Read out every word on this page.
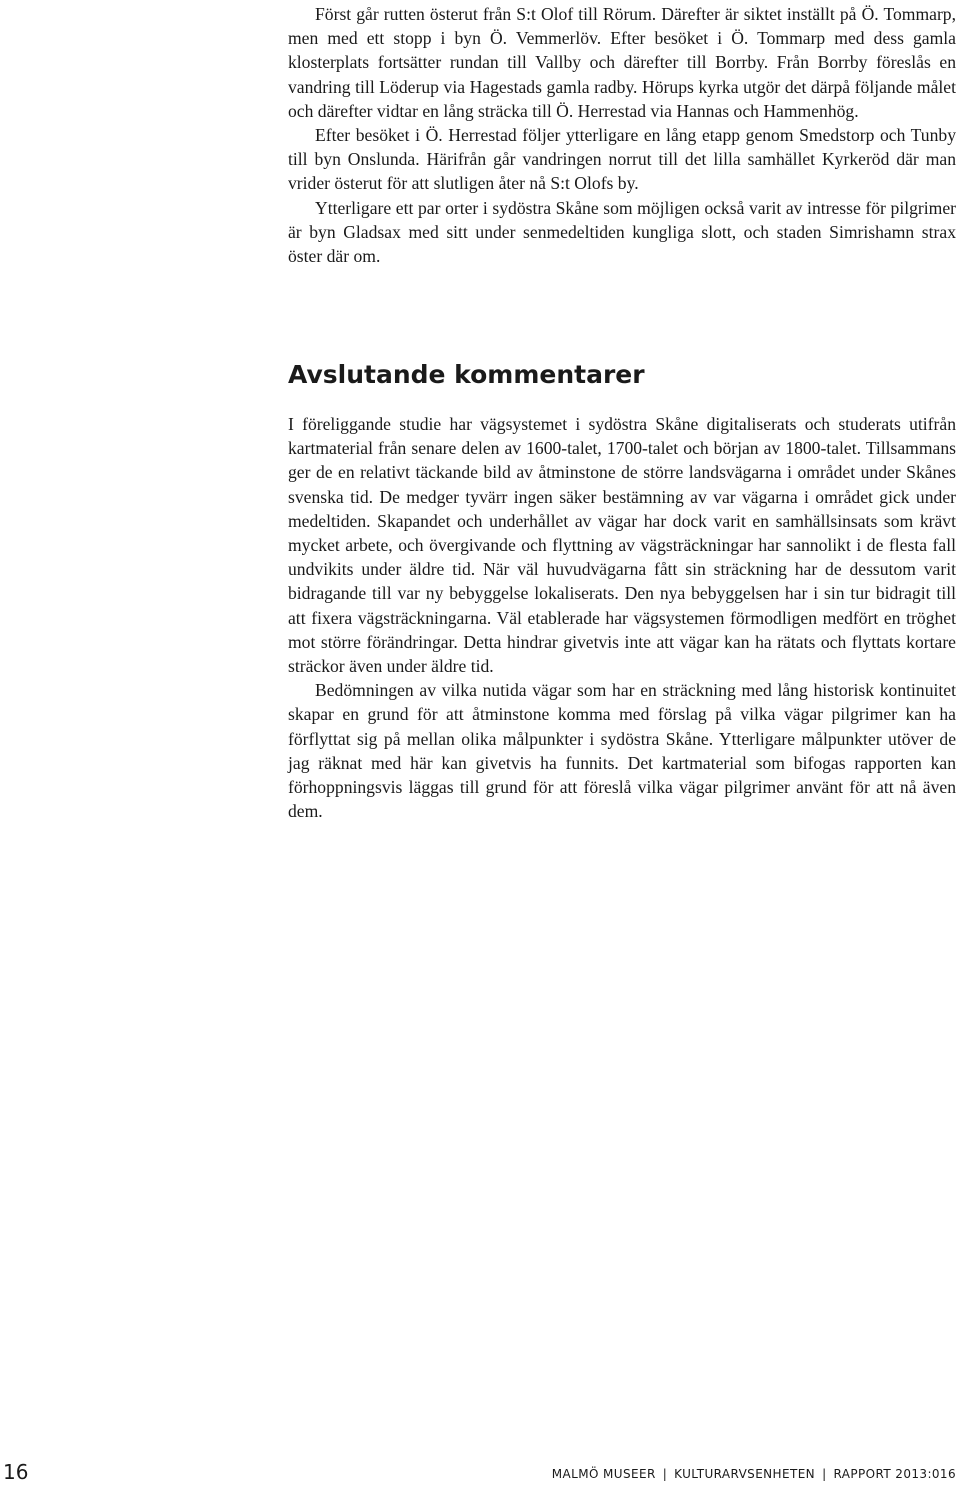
Först går rutten österut från S:t Olof till Rörum. Därefter är siktet inställt på Ö. Tommarp, men med ett stopp i byn Ö. Vemmerlöv. Efter besöket i Ö. Tommarp med dess gamla klosterplats fortsätter rundan till Vallby och därefter till Borrby. Från Borrby föreslås en vandring till Löderup via Hagestads gamla radby. Hörups kyrka utgör det därpå följande målet och därefter vidtar en lång sträcka till Ö. Herrestad via Hannas och Hammenhög.

Efter besöket i Ö. Herrestad följer ytterligare en lång etapp genom Smedstorp och Tunby till byn Onslunda. Härifrån går vandringen norrut till det lilla samhället Kyrkeröd där man vrider österut för att slutligen åter nå S:t Olofs by.

Ytterligare ett par orter i sydöstra Skåne som möjligen också varit av intresse för pilgrimer är byn Gladsax med sitt under senmedeltiden kungliga slott, och staden Simrishamn strax öster där om.

Avslutande kommentarer

I föreliggande studie har vägsystemet i sydöstra Skåne digitaliserats och studerats utifrån kartmaterial från senare delen av 1600-talet, 1700-talet och början av 1800-talet. Tillsammans ger de en relativt täckande bild av åtminstone de större landsvägarna i området under Skånes svenska tid. De medger tyvärr ingen säker bestämning av var vägarna i området gick under medeltiden. Skapandet och underhållet av vägar har dock varit en samhällsinsats som krävt mycket arbete, och övergivande och flyttning av vägsträckningar har sannolikt i de flesta fall undvikits under äldre tid. När väl huvudvägarna fått sin sträckning har de dessutom varit bidragande till var ny bebyggelse lokaliserats. Den nya bebyggelsen har i sin tur bidragit till att fixera vägsträckningarna. Väl etablerade har vägsystemen förmodligen medfört en tröghet mot större förändringar. Detta hindrar givetvis inte att vägar kan ha rätats och flyttats kortare sträckor även under äldre tid.

Bedömningen av vilka nutida vägar som har en sträckning med lång historisk kontinuitet skapar en grund för att åtminstone komma med förslag på vilka vägar pilgrimer kan ha förflyttat sig på mellan olika målpunkter i sydöstra Skåne. Ytterligare målpunkter utöver de jag räknat med här kan givetvis ha funnits. Det kartmaterial som bifogas rapporten kan förhoppningsvis läggas till grund för att föreslå vilka vägar pilgrimer använt för att nå även dem.

16	MALMÖ MUSEER | KULTURARVSENHETEN | RAPPORT 2013:016
